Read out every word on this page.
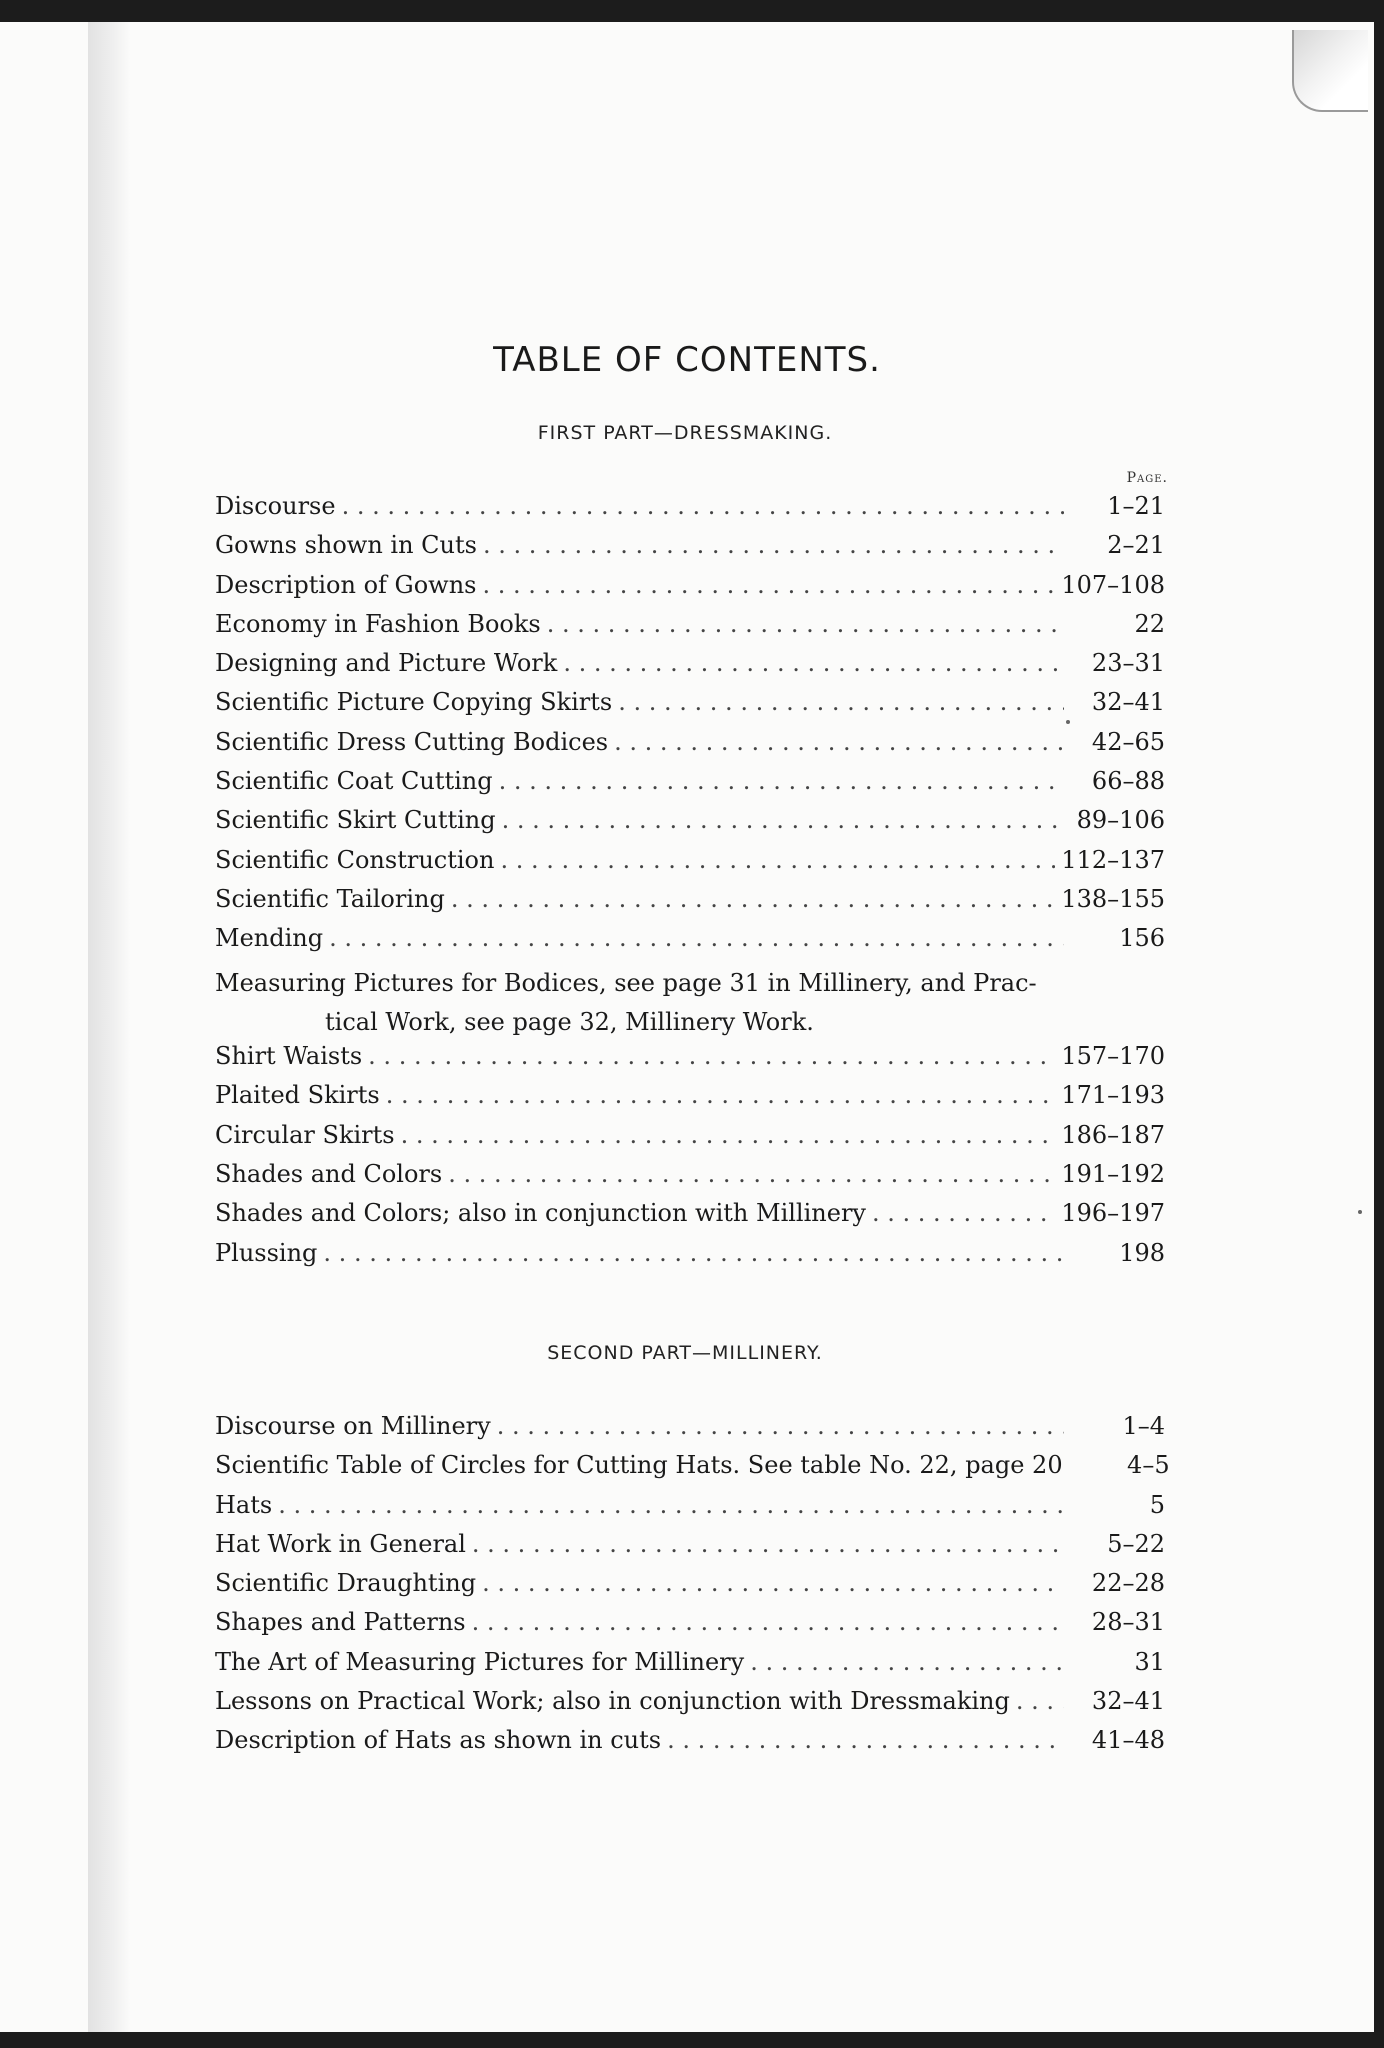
TABLE OF CONTENTS.
FIRST PART—DRESSMAKING.
Page.
Discourse . . .	1–21
Gowns shown in Cuts . . .	2–21
Description of Gowns . . .	107–108
Economy in Fashion Books . . .	22
Designing and Picture Work . . .	23–31
Scientific Picture Copying Skirts . . .	32–41
Scientific Dress Cutting Bodices . . .	42–65
Scientific Coat Cutting . . .	66–88
Scientific Skirt Cutting . . .	89–106
Scientific Construction . . .	112–137
Scientific Tailoring . . .	138–155
Mending . . .	156
Measuring Pictures for Bodices, see page 31 in Millinery, and Prac-
tical Work, see page 32, Millinery Work.
Shirt Waists . . .	157–170
Plaited Skirts . . .	171–193
Circular Skirts . . .	186–187
Shades and Colors . . .	191–192
Shades and Colors; also in conjunction with Millinery . . .	196–197
Plussing . . .	198
SECOND PART—MILLINERY.
Discourse on Millinery . . .	1–4
Scientific Table of Circles for Cutting Hats. See table No. 22, page 20	4–5
Hats . . .	5
Hat Work in General . . .	5–22
Scientific Draughting . . .	22–28
Shapes and Patterns . . .	28–31
The Art of Measuring Pictures for Millinery . . .	31
Lessons on Practical Work; also in conjunction with Dressmaking . . .	32–41
Description of Hats as shown in cuts . . .	41–48
